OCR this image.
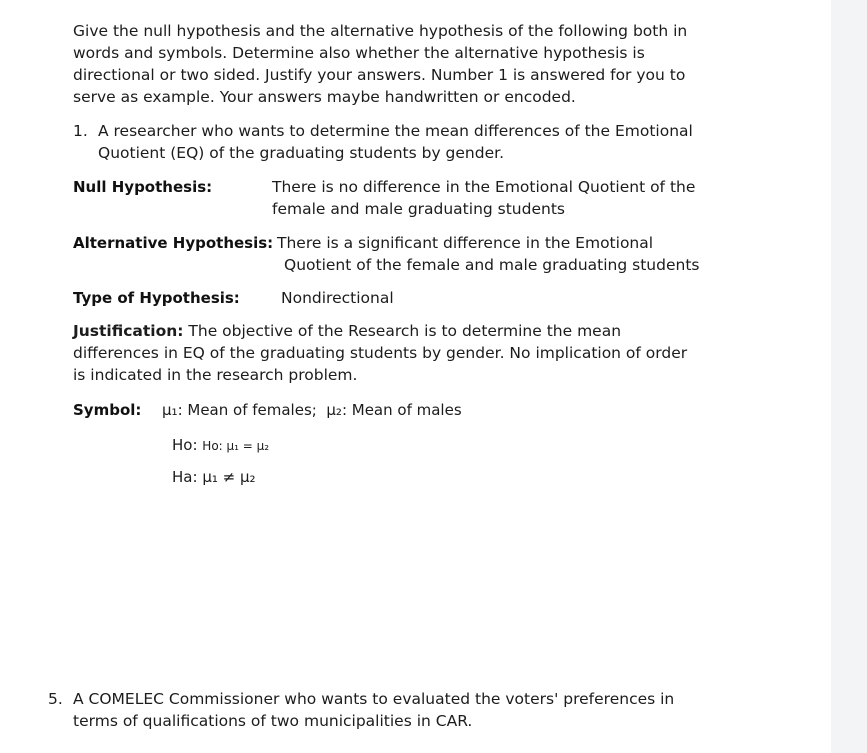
Give the null hypothesis and the alternative hypothesis of the following both in
words and symbols. Determine also whether the alternative hypothesis is
directional or two sided. Justify your answers. Number 1 is answered for you to
serve as example. Your answers maybe handwritten or encoded.
1. A researcher who wants to determine the mean differences of the Emotional
Quotient (EQ) of the graduating students by gender.
Null Hypothesis:	There is no difference in the Emotional Quotient of the
female and male graduating students
Alternative Hypothesis: There is a significant difference in the Emotional
Quotient of the female and male graduating students
Type of Hypothesis:	Nondirectional
Justification: The objective of the Research is to determine the mean
differences in EQ of the graduating students by gender. No implication of order
is indicated in the research problem.
Symbol: μ₁: Mean of females; μ₂: Mean of males
Ho: Ho: μ₁ = μ₂
Ha: μ₁ ≠ μ₂
5. A COMELEC Commissioner who wants to evaluated the voters' preferences in
terms of qualifications of two municipalities in CAR.
